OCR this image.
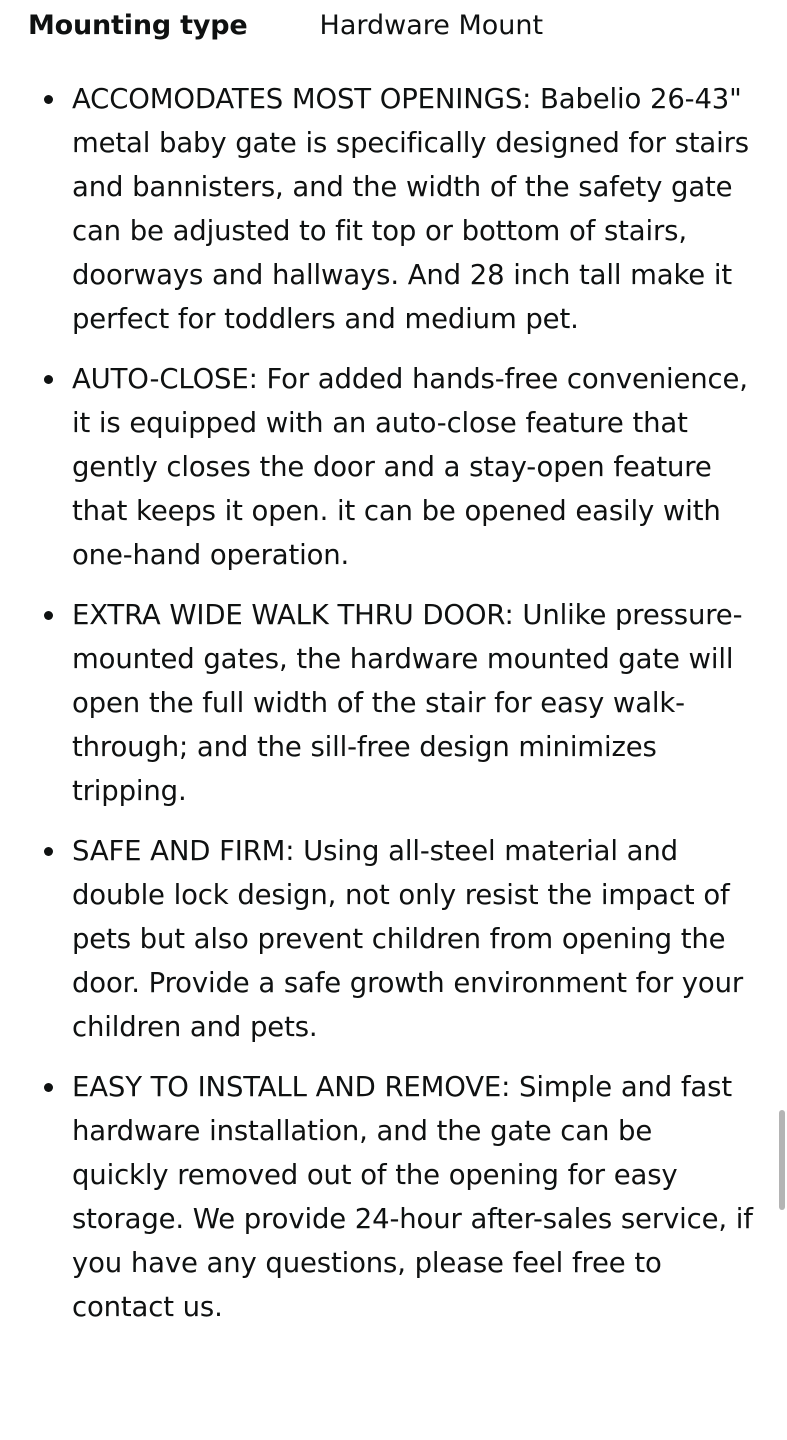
Mounting type	Hardware Mount
ACCOMODATES MOST OPENINGS: Babelio 26-43" metal baby gate is specifically designed for stairs and bannisters, and the width of the safety gate can be adjusted to fit top or bottom of stairs, doorways and hallways. And 28 inch tall make it perfect for toddlers and medium pet.
AUTO-CLOSE: For added hands-free convenience, it is equipped with an auto-close feature that gently closes the door and a stay-open feature that keeps it open. it can be opened easily with one-hand operation.
EXTRA WIDE WALK THRU DOOR: Unlike pressure-mounted gates, the hardware mounted gate will open the full width of the stair for easy walk-through; and the sill-free design minimizes tripping.
SAFE AND FIRM: Using all-steel material and double lock design, not only resist the impact of pets but also prevent children from opening the door. Provide a safe growth environment for your children and pets.
EASY TO INSTALL AND REMOVE: Simple and fast hardware installation, and the gate can be quickly removed out of the opening for easy storage. We provide 24-hour after-sales service, if you have any questions, please feel free to contact us.
